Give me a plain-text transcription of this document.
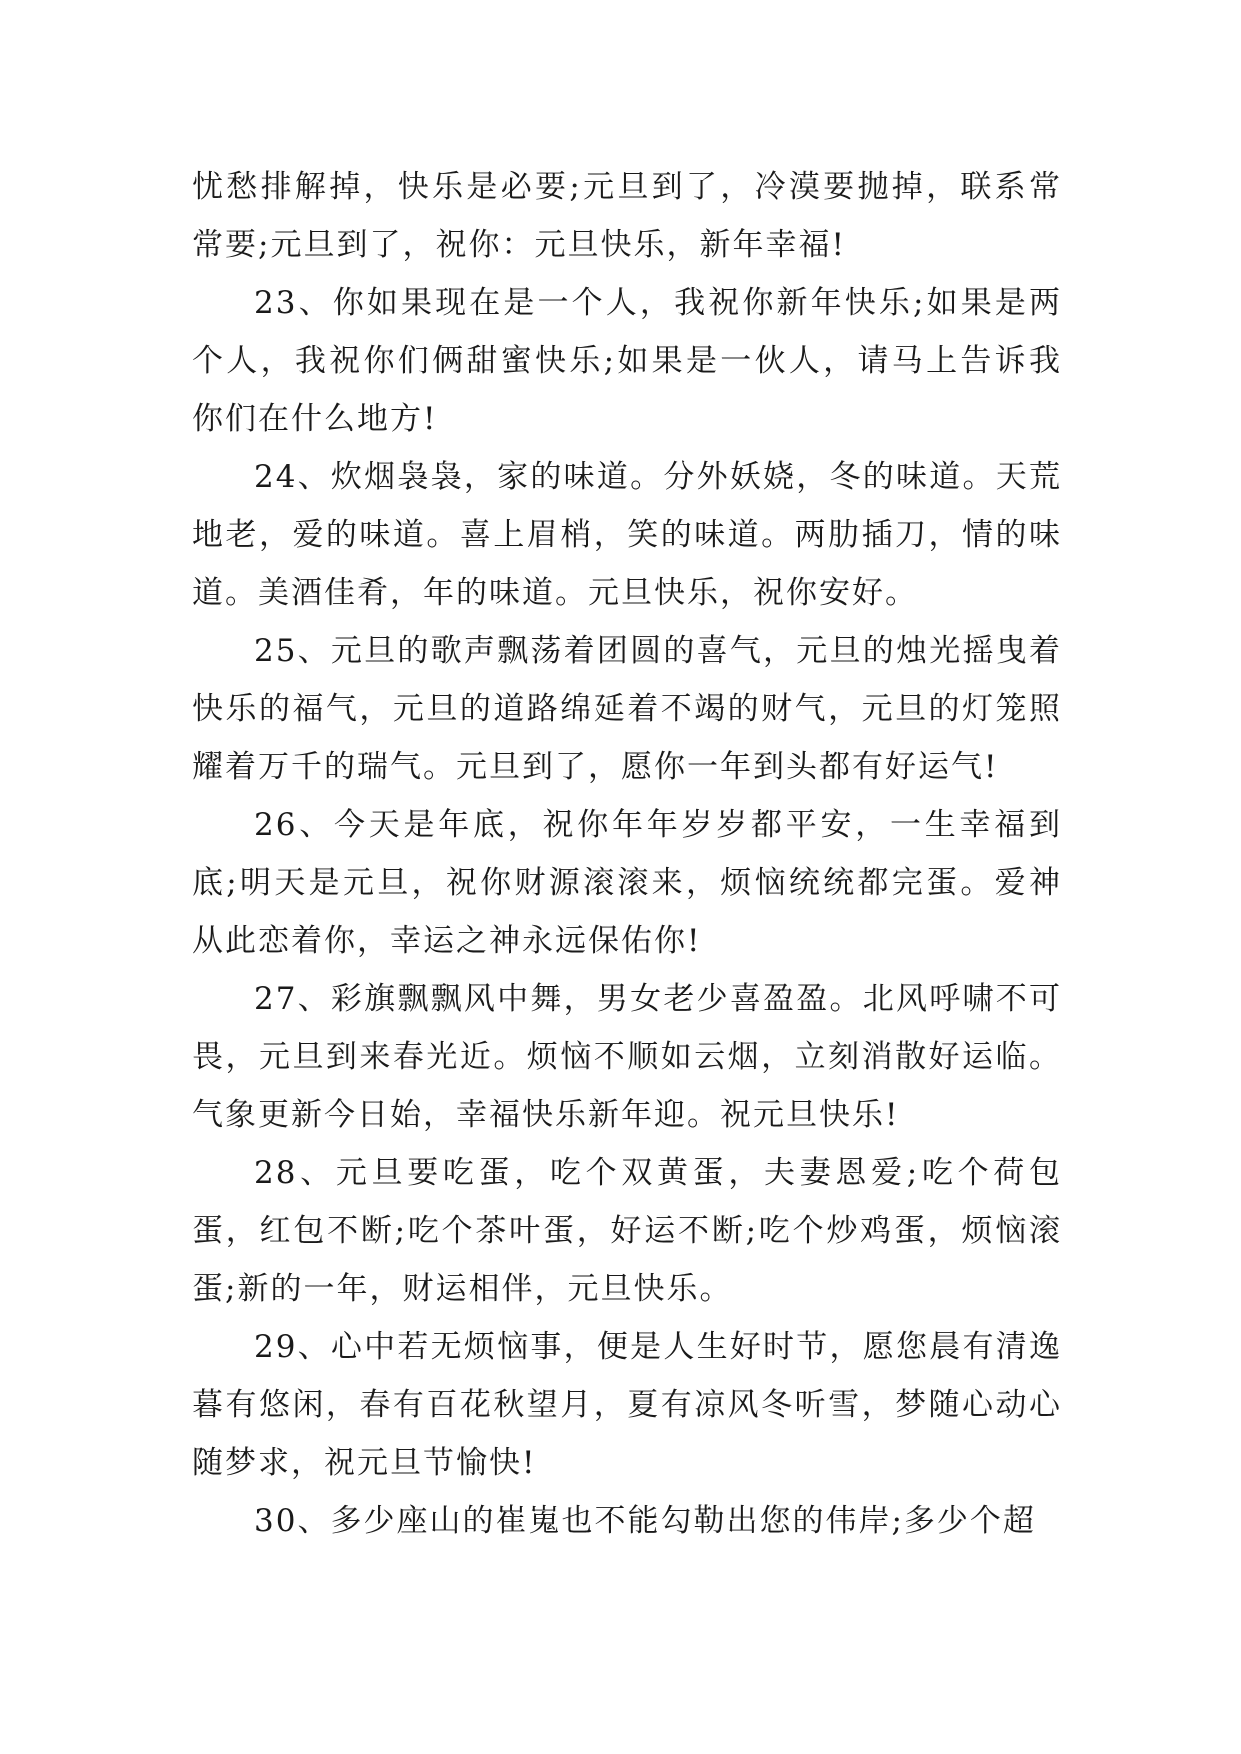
忧愁排解掉，快乐是必要;元旦到了，冷漠要抛掉，联系常常要;元旦到了，祝你：元旦快乐，新年幸福!

23、你如果现在是一个人，我祝你新年快乐;如果是两个人，我祝你们俩甜蜜快乐;如果是一伙人，请马上告诉我你们在什么地方!

24、炊烟袅袅，家的味道。分外妖娆，冬的味道。天荒地老，爱的味道。喜上眉梢，笑的味道。两肋插刀，情的味道。美酒佳肴，年的味道。元旦快乐，祝你安好。

25、元旦的歌声飘荡着团圆的喜气，元旦的烛光摇曳着快乐的福气，元旦的道路绵延着不竭的财气，元旦的灯笼照耀着万千的瑞气。元旦到了，愿你一年到头都有好运气!

26、今天是年底，祝你年年岁岁都平安，一生幸福到底;明天是元旦，祝你财源滚滚来，烦恼统统都完蛋。爱神从此恋着你，幸运之神永远保佑你!

27、彩旗飘飘风中舞，男女老少喜盈盈。北风呼啸不可畏，元旦到来春光近。烦恼不顺如云烟，立刻消散好运临。气象更新今日始，幸福快乐新年迎。祝元旦快乐!

28、元旦要吃蛋，吃个双黄蛋，夫妻恩爱;吃个荷包蛋，红包不断;吃个茶叶蛋，好运不断;吃个炒鸡蛋，烦恼滚蛋;新的一年，财运相伴，元旦快乐。

29、心中若无烦恼事，便是人生好时节，愿您晨有清逸暮有悠闲，春有百花秋望月，夏有凉风冬听雪，梦随心动心随梦求，祝元旦节愉快!

30、多少座山的崔嵬也不能勾勒出您的伟岸;多少个超
